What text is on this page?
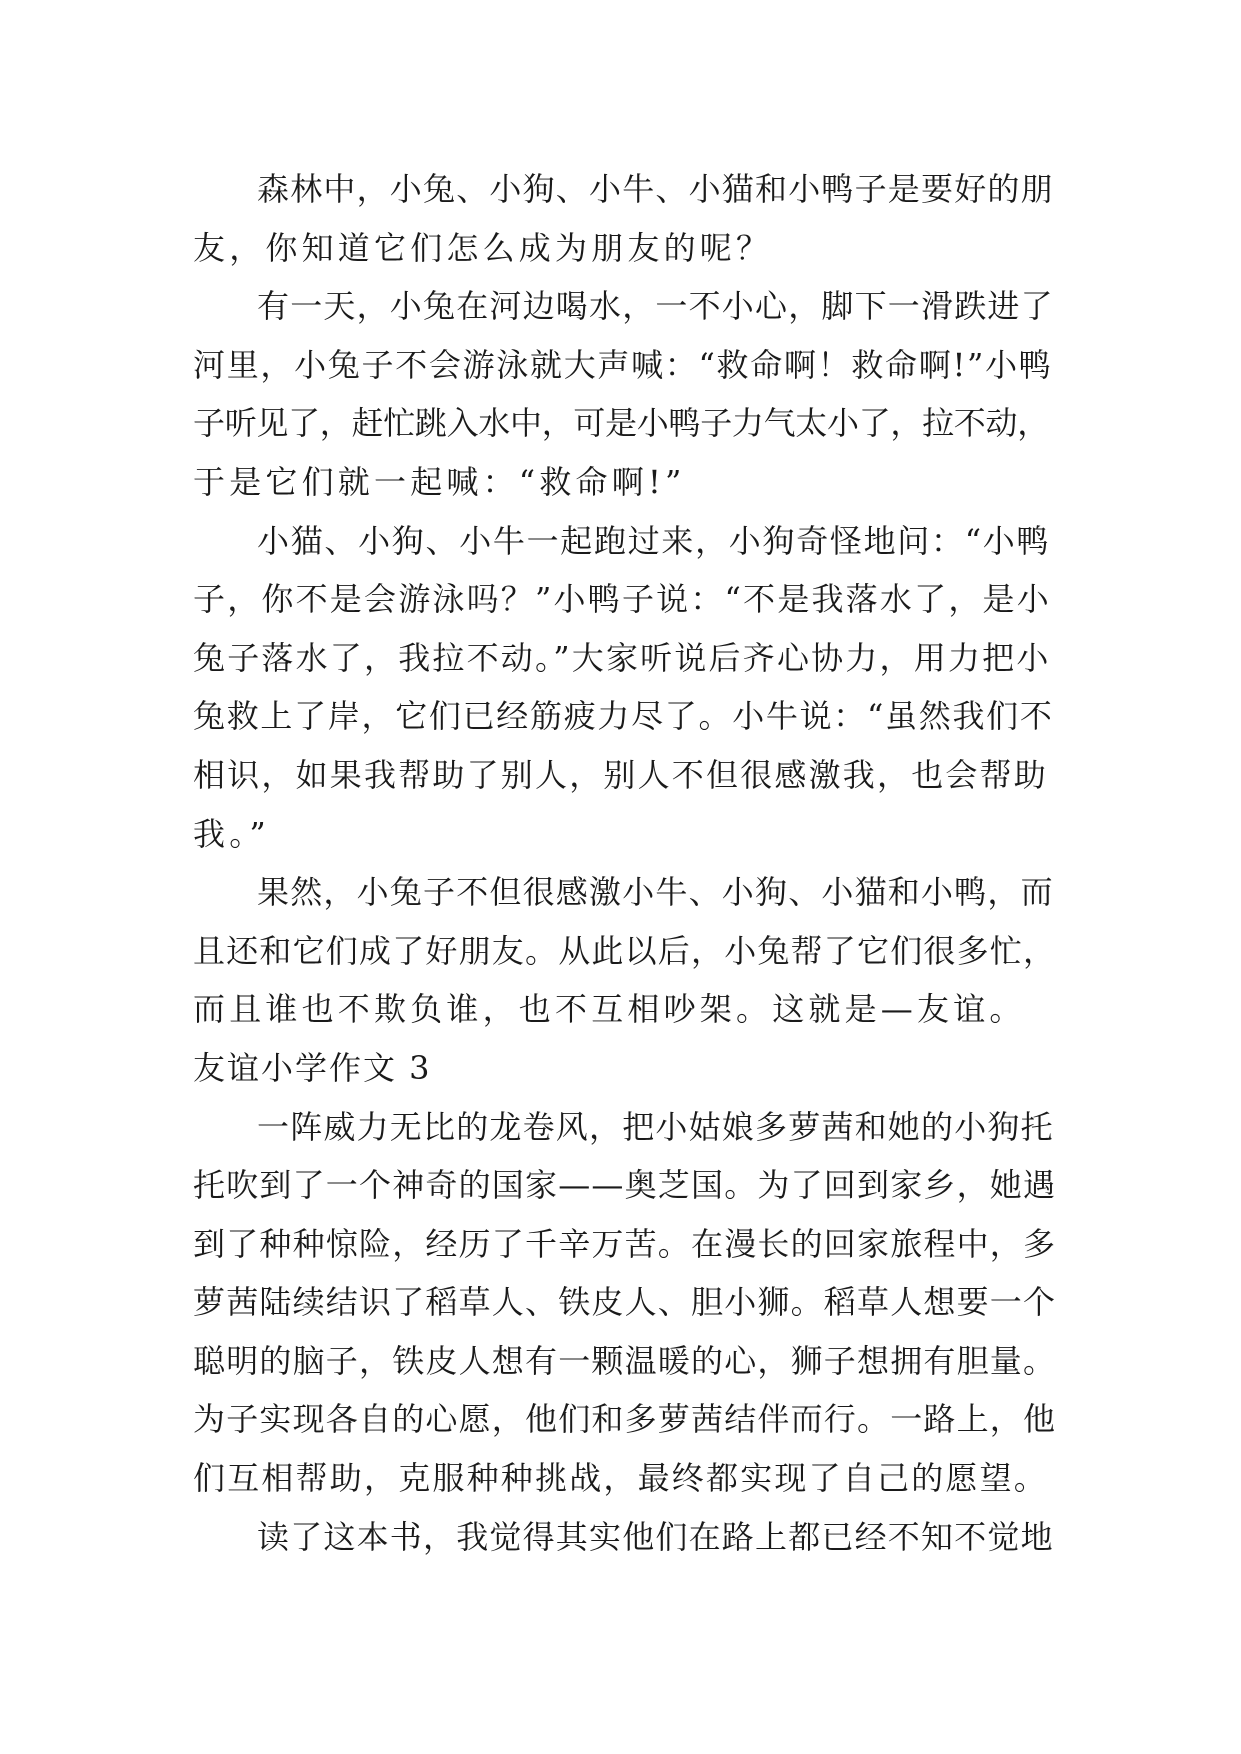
森林中，小兔、小狗、小牛、小猫和小鸭子是要好的朋
友，你知道它们怎么成为朋友的呢？

有一天，小兔在河边喝水，一不小心，脚下一滑跌进了
河里，小兔子不会游泳就大声喊：“救命啊！救命啊!”小鸭
子听见了，赶忙跳入水中，可是小鸭子力气太小了，拉不动，
于是它们就一起喊：“救命啊!”

小猫、小狗、小牛一起跑过来，小狗奇怪地问：“小鸭
子，你不是会游泳吗？”小鸭子说：“不是我落水了，是小
兔子落水了，我拉不动。”大家听说后齐心协力，用力把小
兔救上了岸，它们已经筋疲力尽了。小牛说：“虽然我们不
相识，如果我帮助了别人，别人不但很感激我，也会帮助
我。”

果然，小兔子不但很感激小牛、小狗、小猫和小鸭，而
且还和它们成了好朋友。从此以后，小兔帮了它们很多忙，
而且谁也不欺负谁，也不互相吵架。这就是—友谊。

友谊小学作文 3

一阵威力无比的龙卷风，把小姑娘多萝茜和她的小狗托
托吹到了一个神奇的国家——奥芝国。为了回到家乡，她遇
到了种种惊险，经历了千辛万苦。在漫长的回家旅程中，多
萝茜陆续结识了稻草人、铁皮人、胆小狮。稻草人想要一个
聪明的脑子，铁皮人想有一颗温暖的心，狮子想拥有胆量。
为子实现各自的心愿，他们和多萝茜结伴而行。一路上，他
们互相帮助，克服种种挑战，最终都实现了自己的愿望。

读了这本书，我觉得其实他们在路上都已经不知不觉地
